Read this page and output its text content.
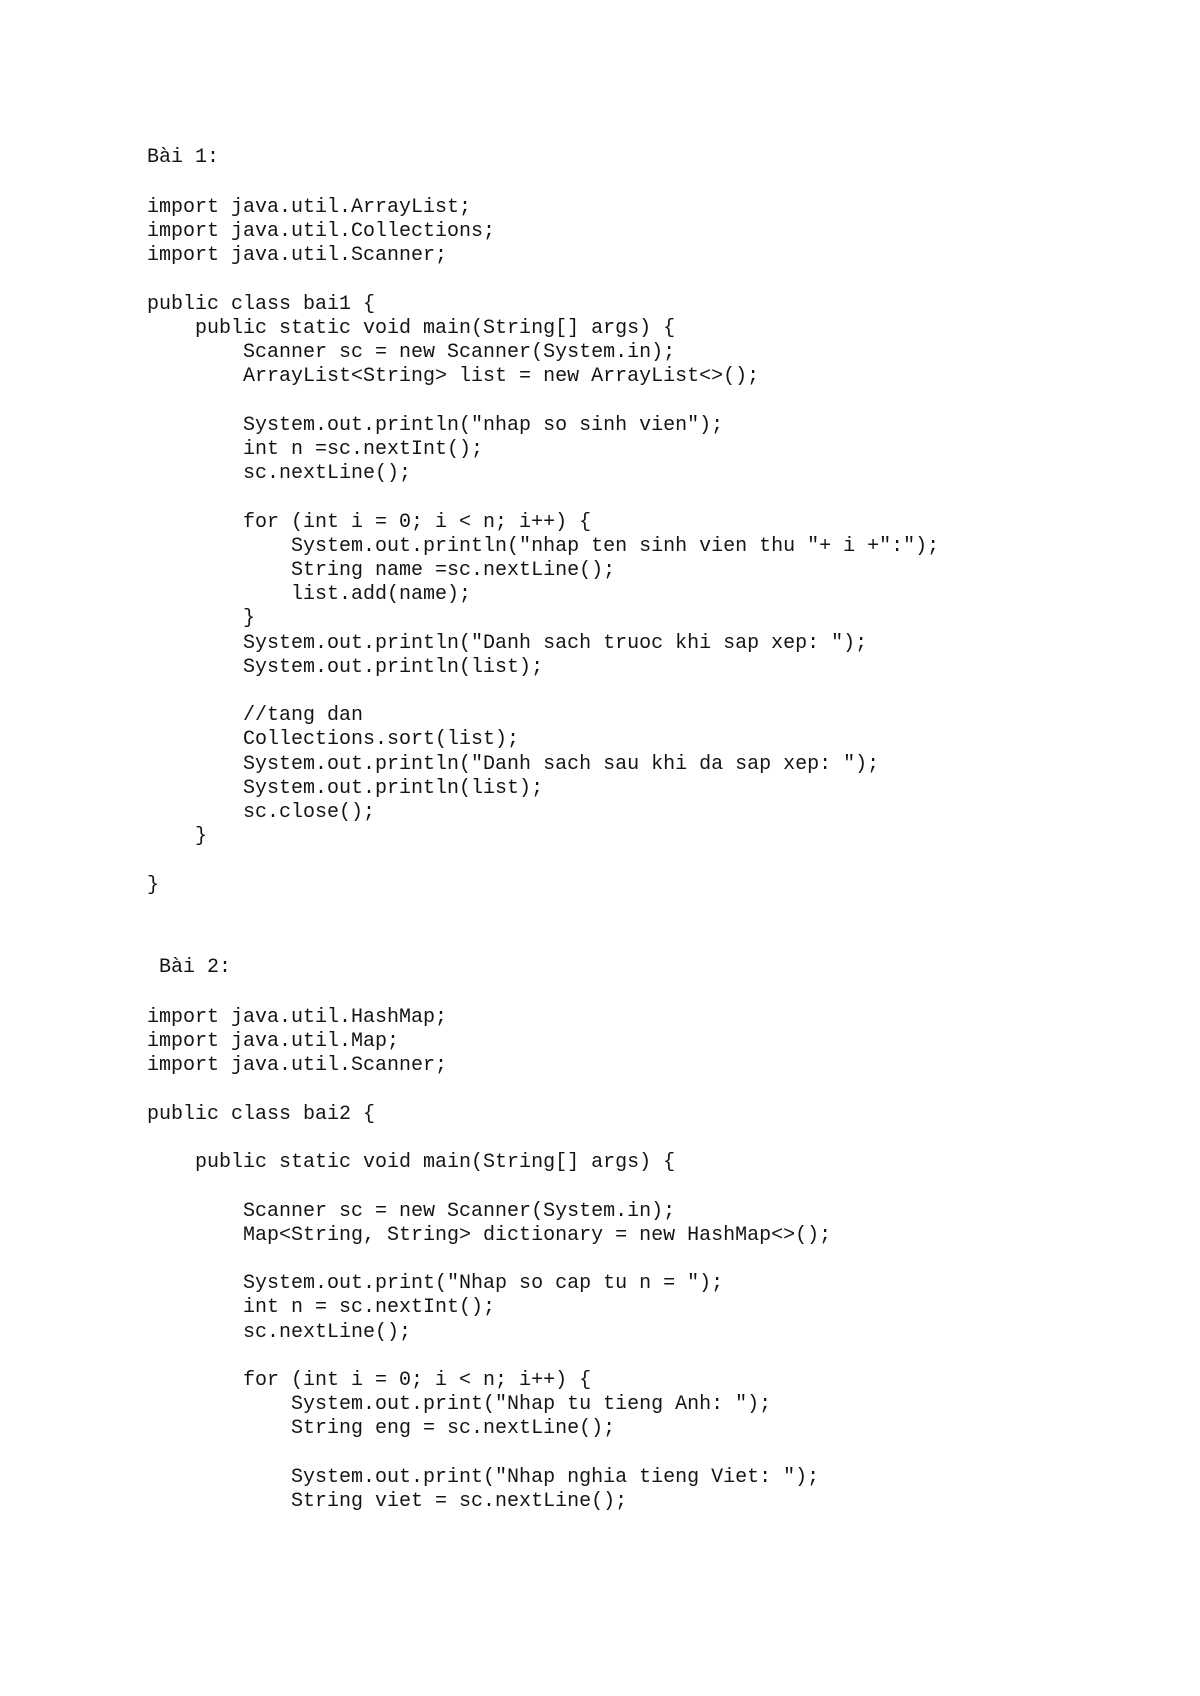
Bài 1:

import java.util.ArrayList;
import java.util.Collections;
import java.util.Scanner;

public class bai1 {
public static void main(String[] args) {
Scanner sc = new Scanner(System.in);
ArrayList<String> list = new ArrayList<>();

System.out.println("nhap so sinh vien");
int n =sc.nextInt();
sc.nextLine();

for (int i = 0; i < n; i++) {
System.out.println("nhap ten sinh vien thu "+ i +":");
String name =sc.nextLine();
list.add(name);
}
System.out.println("Danh sach truoc khi sap xep: ");
System.out.println(list);

//tang dan
Collections.sort(list);
System.out.println("Danh sach sau khi da sap xep: ");
System.out.println(list);
sc.close();
}

}

Bài 2:

import java.util.HashMap;
import java.util.Map;
import java.util.Scanner;

public class bai2 {

public static void main(String[] args) {

Scanner sc = new Scanner(System.in);
Map<String, String> dictionary = new HashMap<>();

System.out.print("Nhap so cap tu n = ");
int n = sc.nextInt();
sc.nextLine();

for (int i = 0; i < n; i++) {
System.out.print("Nhap tu tieng Anh: ");
String eng = sc.nextLine();

System.out.print("Nhap nghia tieng Viet: ");
String viet = sc.nextLine();
